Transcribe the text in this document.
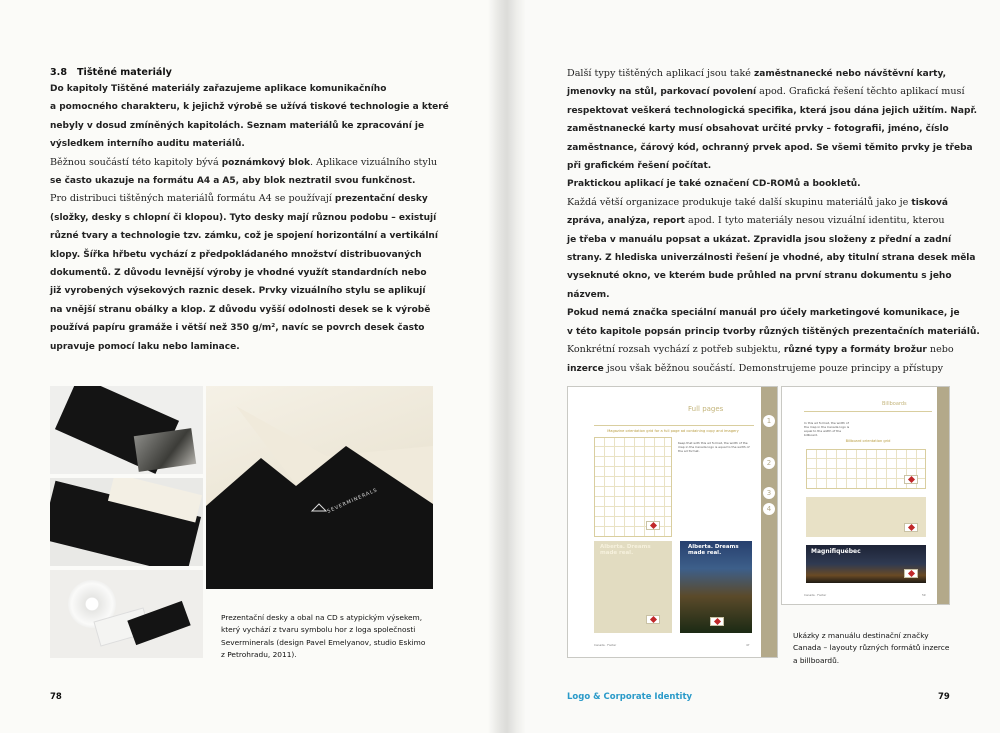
3.8 Tištěné materiály
Do kapitoly Tištěné materiály zařazujeme aplikace komunikačního
a pomocného charakteru, k jejichž výrobě se užívá tiskové technologie a které
nebyly v dosud zmíněných kapitolách. Seznam materiálů ke zpracování je
výsledkem interního auditu materiálů.
Běžnou součástí této kapitoly bývá poznámkový blok. Aplikace vizuálního stylu
se často ukazuje na formátu A4 a A5, aby blok neztratil svou funkčnost.
Pro distribuci tištěných materiálů formátu A4 se používají prezentační desky
(složky, desky s chlopní či klopou). Tyto desky mají různou podobu – existují
různé tvary a technologie tzv. zámku, což je spojení horizontální a vertikální
klopy. Šířka hřbetu vychází z předpokládaného množství distribuovaných
dokumentů. Z důvodu levnější výroby je vhodné využít standardních nebo
již vyrobených výsekových raznic desek. Prvky vizuálního stylu se aplikují
na vnější stranu obálky a klop. Z důvodu vyšší odolnosti desek se k výrobě
používá papíru gramáže i větší než 350 g/m², navíc se povrch desek často
upravuje pomocí laku nebo laminace.
SEVERMINERALS
Prezentační desky a obal na CD s atypickým výsekem,
který vychází z tvaru symbolu hor z loga společnosti
Severminerals (design Pavel Emelyanov, studio Eskimo
z Petrohradu, 2011).
78
Další typy tištěných aplikací jsou také zaměstnanecké nebo návštěvní karty,
jmenovky na stůl, parkovací povolení apod. Grafická řešení těchto aplikací musí
respektovat veškerá technologická specifika, která jsou dána jejich užitím. Např.
zaměstnanecké karty musí obsahovat určité prvky – fotografii, jméno, číslo
zaměstnance, čárový kód, ochranný prvek apod. Se všemi těmito prvky je třeba
při grafickém řešení počítat.
Praktickou aplikací je také označení CD-ROMů a bookletů.
Každá větší organizace produkuje také další skupinu materiálů jako je tisková
zpráva, analýza, report apod. I tyto materiály nesou vizuální identitu, kterou
je třeba v manuálu popsat a ukázat. Zpravidla jsou složeny z přední a zadní
strany. Z hlediska univerzálnosti řešení je vhodné, aby titulní strana desek měla
vyseknuté okno, ve kterém bude průhled na první stranu dokumentu s jeho
názvem.
Pokud nemá značka speciální manuál pro účely marketingové komunikace, je
v této kapitole popsán princip tvorby různých tištěných prezentačních materiálů.
Konkrétní rozsah vychází z potřeb subjektu, různé typy a formáty brožur nebo
inzerce jsou však běžnou součástí. Demonstrujeme pouze principy a přístupy
Full pages
Magazine orientation grid for a full page ad containing copy and imagery
Keep that with this ad format, the width of the map in the Canada logo is equal to the width of the ad format.
Alberta. Dreams made real.
Alberta. Dreams made real.
Canada · Footer	47
1
2
3
4
Billboards
In this ad format, the width of the map in the Canada logo is equal to the width of the billboard.
Billboard orientation grid
Magnifiquébec
Canada · Footer	59
Ukázky z manuálu destinační značky
Canada – layouty různých formátů inzerce
a billboardů.
Logo & Corporate Identity	79
